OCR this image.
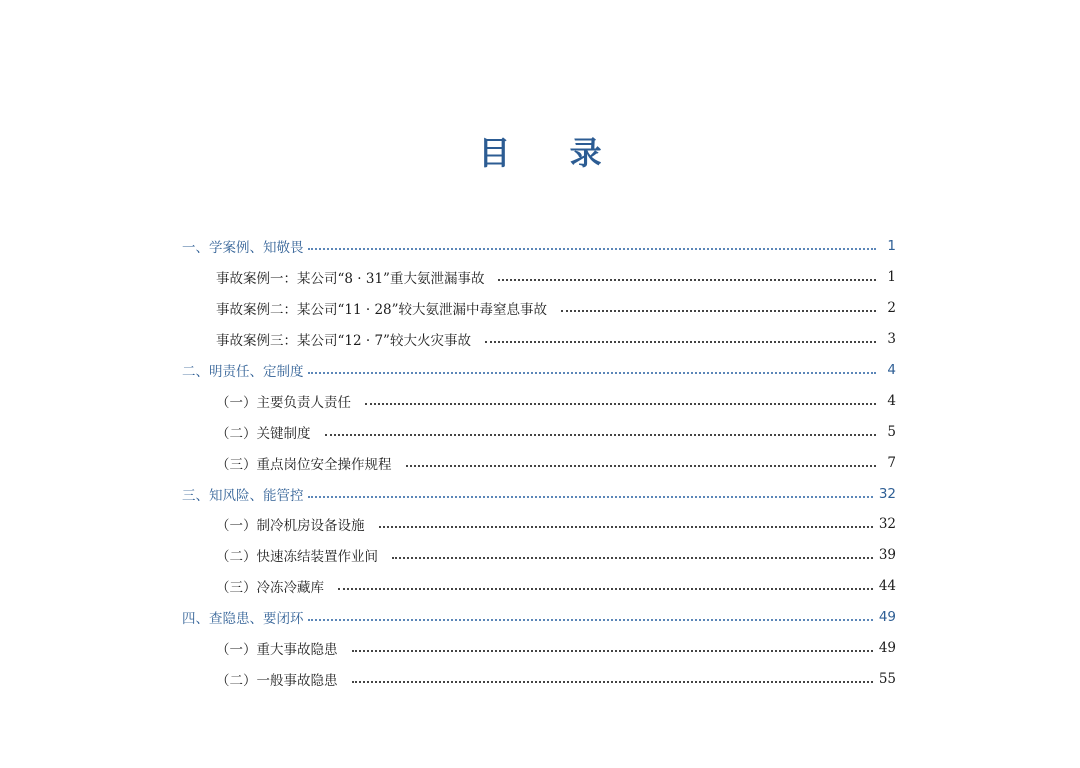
目 录
一、学案例、知敬畏	1
事故案例一：某公司“8 · 31”重大氨泄漏事故	1
事故案例二：某公司“11 · 28”较大氨泄漏中毒窒息事故	2
事故案例三：某公司“12 · 7”较大火灾事故	3
二、明责任、定制度	4
（一）主要负责人责任	4
（二）关键制度	5
（三）重点岗位安全操作规程	7
三、知风险、能管控	32
（一）制冷机房设备设施	32
（二）快速冻结装置作业间	39
（三）冷冻冷藏库	44
四、查隐患、要闭环	49
（一）重大事故隐患	49
（二）一般事故隐患	55
